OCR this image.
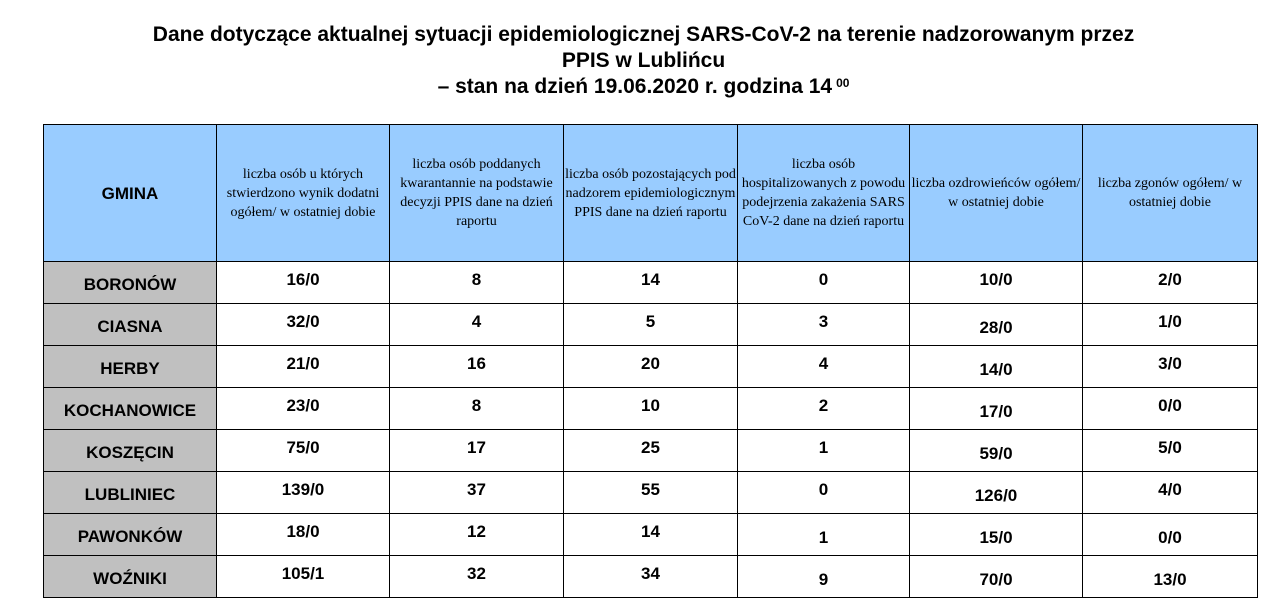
Dane dotyczące aktualnej sytuacji epidemiologicznej SARS-CoV-2 na terenie nadzorowanym przez
PPIS w Lublińcu
– stan na dzień 19.06.2020 r. godzina 14 $^{00}$
GMINA	liczba osób u których stwierdzono wynik dodatni ogółem/ w ostatniej dobie	liczba osób poddanych kwarantannie na podstawie decyzji PPIS dane na dzień raportu	liczba osób pozostających pod nadzorem epidemiologicznym PPIS dane na dzień raportu	liczba osób hospitalizowanych z powodu podejrzenia zakażenia SARS CoV-2 dane na dzień raportu	liczba ozdrowieńców ogółem/ w ostatniej dobie	liczba zgonów ogółem/ w ostatniej dobie
BORONÓW	16/0	8	14	0	10/0	2/0
CIASNA	32/0	4	5	3	28/0	1/0
HERBY	21/0	16	20	4	14/0	3/0
KOCHANOWICE	23/0	8	10	2	17/0	0/0
KOSZĘCIN	75/0	17	25	1	59/0	5/0
LUBLINIEC	139/0	37	55	0	126/0	4/0
PAWONKÓW	18/0	12	14	1	15/0	0/0
WOŹNIKI	105/1	32	34	9	70/0	13/0
